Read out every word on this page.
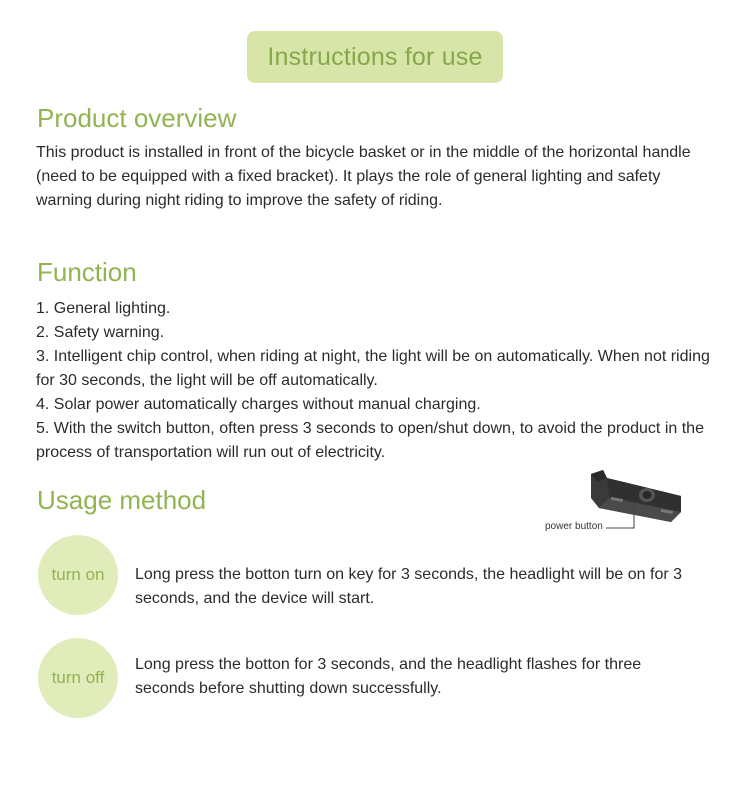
Instructions for use
Product overview

This product is installed in front of the bicycle basket or in the middle of the horizontal handle (need to be equipped with a fixed bracket). It plays the role of general lighting and safety warning during night riding to improve the safety of riding.

Function
1. General lighting.
2. Safety warning.
3. Intelligent chip control, when riding at night, the light will be on automatically. When not riding for 30 seconds, the light will be off automatically.
4. Solar power automatically charges without manual charging.
5. With the switch button, often press 3 seconds to open/shut down, to avoid the product in the process of transportation will run out of electricity.
Usage method
power button
turn on Long press the botton turn on key for 3 seconds, the headlight will be on for 3 seconds, and the device will start.

turn off

Long press the botton for 3 seconds, and the headlight flashes for three seconds before shutting down successfully.
